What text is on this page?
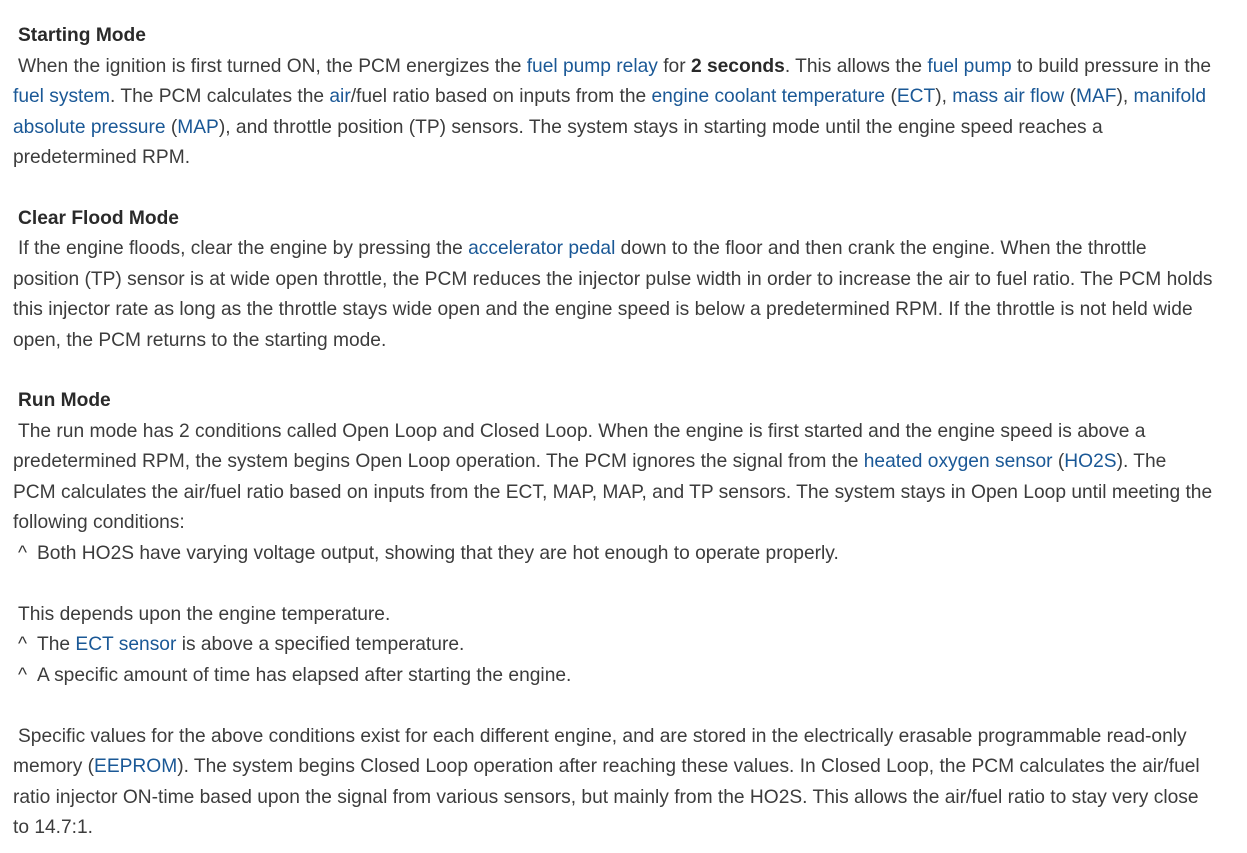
Starting Mode

When the ignition is first turned ON, the PCM energizes the fuel pump relay for 2 seconds. This allows the fuel pump to build pressure in the fuel system. The PCM calculates the air/fuel ratio based on inputs from the engine coolant temperature (ECT), mass air flow (MAF), manifold absolute pressure (MAP), and throttle position (TP) sensors. The system stays in starting mode until the engine speed reaches a predetermined RPM.

Clear Flood Mode

If the engine floods, clear the engine by pressing the accelerator pedal down to the floor and then crank the engine. When the throttle position (TP) sensor is at wide open throttle, the PCM reduces the injector pulse width in order to increase the air to fuel ratio. The PCM holds this injector rate as long as the throttle stays wide open and the engine speed is below a predetermined RPM. If the throttle is not held wide open, the PCM returns to the starting mode.

Run Mode

The run mode has 2 conditions called Open Loop and Closed Loop. When the engine is first started and the engine speed is above a predetermined RPM, the system begins Open Loop operation. The PCM ignores the signal from the heated oxygen sensor (HO2S). The PCM calculates the air/fuel ratio based on inputs from the ECT, MAP, MAP, and TP sensors. The system stays in Open Loop until meeting the following conditions:

^ Both HO2S have varying voltage output, showing that they are hot enough to operate properly.

This depends upon the engine temperature.

^ The ECT sensor is above a specified temperature.

^ A specific amount of time has elapsed after starting the engine.

Specific values for the above conditions exist for each different engine, and are stored in the electrically erasable programmable read-only memory (EEPROM). The system begins Closed Loop operation after reaching these values. In Closed Loop, the PCM calculates the air/fuel ratio injector ON-time based upon the signal from various sensors, but mainly from the HO2S. This allows the air/fuel ratio to stay very close to 14.7:1.
